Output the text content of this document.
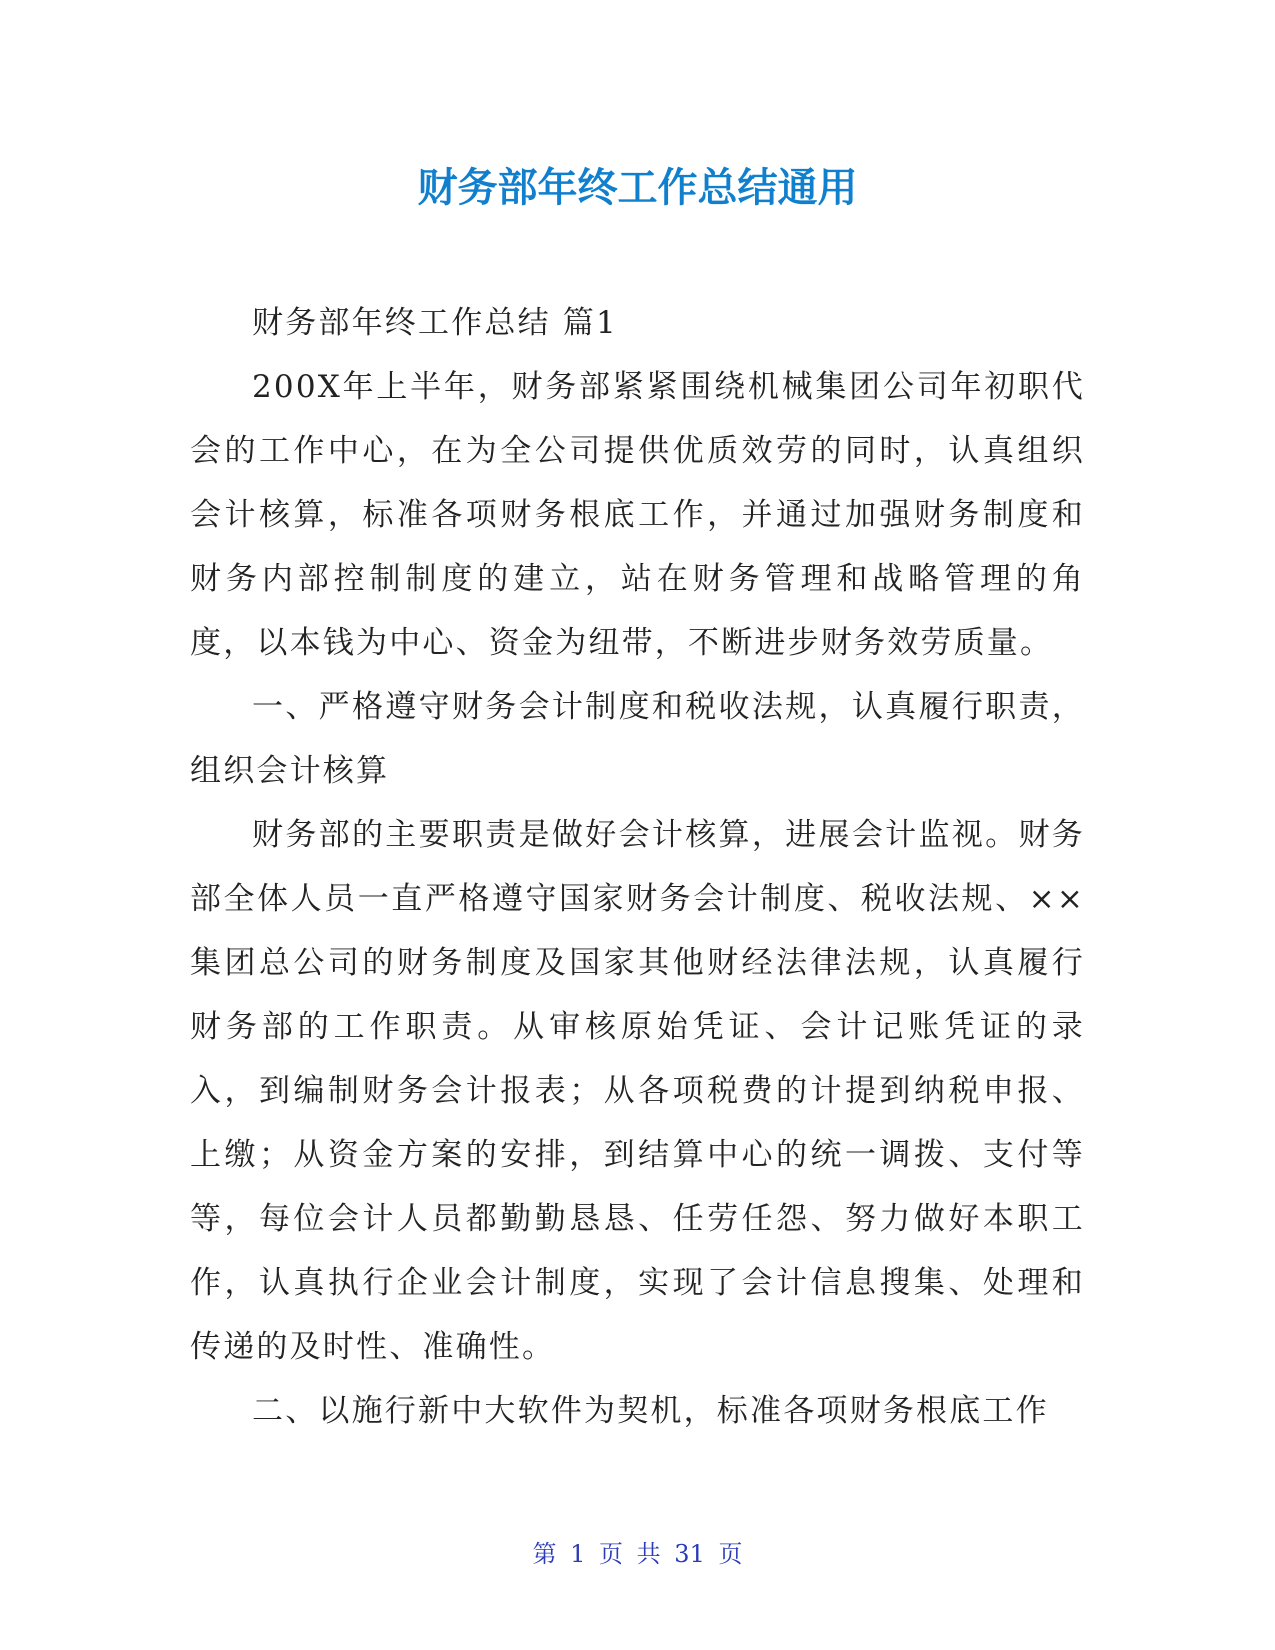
财务部年终工作总结通用

财务部年终工作总结 篇1

200X年上半年，财务部紧紧围绕机械集团公司年初职代会的工作中心，在为全公司提供优质效劳的同时，认真组织会计核算，标准各项财务根底工作，并通过加强财务制度和财务内部控制制度的建立，站在财务管理和战略管理的角度，以本钱为中心、资金为纽带，不断进步财务效劳质量。

一、严格遵守财务会计制度和税收法规，认真履行职责，组织会计核算

财务部的主要职责是做好会计核算，进展会计监视。财务部全体人员一直严格遵守国家财务会计制度、税收法规、××集团总公司的财务制度及国家其他财经法律法规，认真履行财务部的工作职责。从审核原始凭证、会计记账凭证的录入，到编制财务会计报表；从各项税费的计提到纳税申报、上缴；从资金方案的安排，到结算中心的统一调拨、支付等等，每位会计人员都勤勤恳恳、任劳任怨、努力做好本职工作，认真执行企业会计制度，实现了会计信息搜集、处理和传递的及时性、准确性。

二、以施行新中大软件为契机，标准各项财务根底工作

第 1 页 共 31 页
